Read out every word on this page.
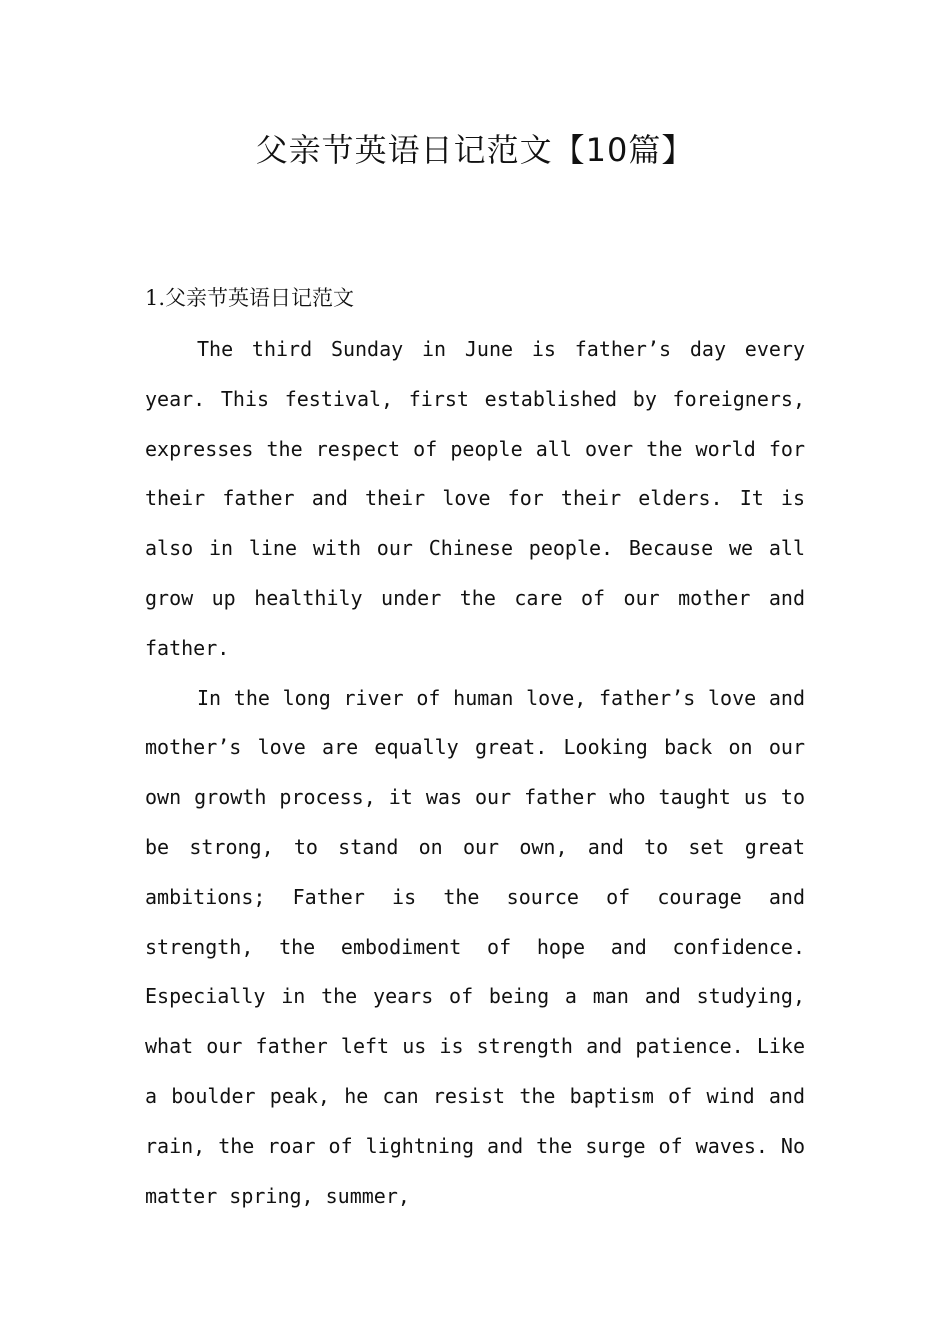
父亲节英语日记范文【10篇】
1.父亲节英语日记范文

The third Sunday in June is father’s day every year. This festival, first established by foreigners, expresses the respect of people all over the world for their father and their love for their elders. It is also in line with our Chinese people. Because we all grow up healthily under the care of our mother and father.

In the long river of human love, father’s love and mother’s love are equally great. Looking back on our own growth process, it was our father who taught us to be strong, to stand on our own, and to set great ambitions; Father is the source of courage and strength, the embodiment of hope and confidence. Especially in the years of being a man and studying, what our father left us is strength and patience. Like a boulder peak, he can resist the baptism of wind and rain, the roar of lightning and the surge of waves. No matter spring, summer,
